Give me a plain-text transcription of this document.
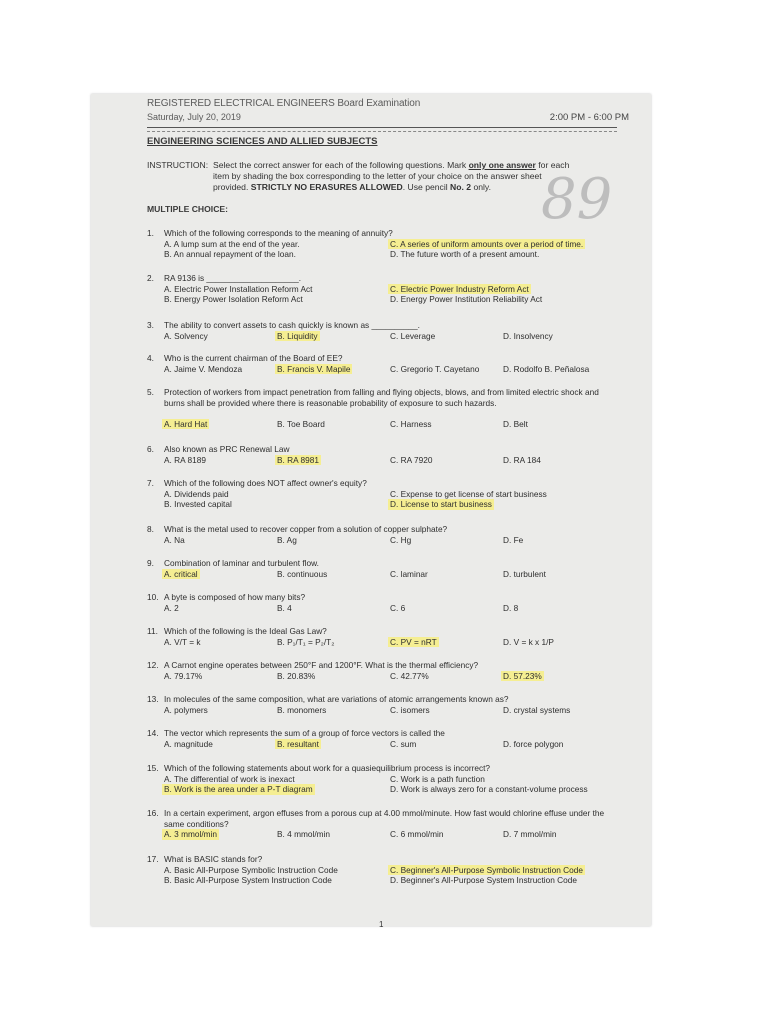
REGISTERED ELECTRICAL ENGINEERS Board Examination
Saturday, July 20, 2019	2:00 PM - 6:00 PM
ENGINEERING SCIENCES AND ALLIED SUBJECTS
INSTRUCTION: Select the correct answer for each of the following questions. Mark only one answer for each
item by shading the box corresponding to the letter of your choice on the answer sheet
provided. STRICTLY NO ERASURES ALLOWED. Use pencil No. 2 only. 89
MULTIPLE CHOICE:
1. Which of the following corresponds to the meaning of annuity?
A. A lump sum at the end of the year.	C. A series of uniform amounts over a period of time.
B. An annual repayment of the loan.	D. The future worth of a present amount.
2. RA 9136 is ____________________.
A. Electric Power Installation Reform Act	C. Electric Power Industry Reform Act
B. Energy Power Isolation Reform Act	D. Energy Power Institution Reliability Act
3. The ability to convert assets to cash quickly is known as __________.
A. Solvency	B. Liquidity	C. Leverage	D. Insolvency
4. Who is the current chairman of the Board of EE?
A. Jaime V. Mendoza	B. Francis V. Mapile	C. Gregorio T. Cayetano	D. Rodolfo B. Peñalosa
5. Protection of workers from impact penetration from falling and flying objects, blows, and from limited electric shock and burns shall be provided where there is reasonable probability of exposure to such hazards.
A. Hard Hat	B. Toe Board	C. Harness	D. Belt
6. Also known as PRC Renewal Law
A. RA 8189	B. RA 8981	C. RA 7920	D. RA 184
7. Which of the following does NOT affect owner's equity?
A. Dividends paid	C. Expense to get license of start business
B. Invested capital	D. License to start business
8. What is the metal used to recover copper from a solution of copper sulphate?
A. Na	B. Ag	C. Hg	D. Fe
9. Combination of laminar and turbulent flow.
A. critical	B. continuous	C. laminar	D. turbulent
10. A byte is composed of how many bits?
A. 2	B. 4	C. 6	D. 8
11. Which of the following is the Ideal Gas Law?
A. V/T = k	B. P₁/T₁ = P₂/T₂	C. PV = nRT	D. V = k x 1/P
12. A Carnot engine operates between 250°F and 1200°F. What is the thermal efficiency?
A. 79.17%	B. 20.83%	C. 42.77%	D. 57.23%
13. In molecules of the same composition, what are variations of atomic arrangements known as?
A. polymers	B. monomers	C. isomers	D. crystal systems
14. The vector which represents the sum of a group of force vectors is called the
A. magnitude	B. resultant	C. sum	D. force polygon
15. Which of the following statements about work for a quasiequilibrium process is incorrect?
A. The differential of work is inexact	C. Work is a path function
B. Work is the area under a P-T diagram	D. Work is always zero for a constant-volume process
16. In a certain experiment, argon effuses from a porous cup at 4.00 mmol/minute. How fast would chlorine effuse under the same conditions?
A. 3 mmol/min	B. 4 mmol/min	C. 6 mmol/min	D. 7 mmol/min
17. What is BASIC stands for?
A. Basic All-Purpose Symbolic Instruction Code	C. Beginner's All-Purpose Symbolic Instruction Code
B. Basic All-Purpose System Instruction Code	D. Beginner's All-Purpose System Instruction Code
1
